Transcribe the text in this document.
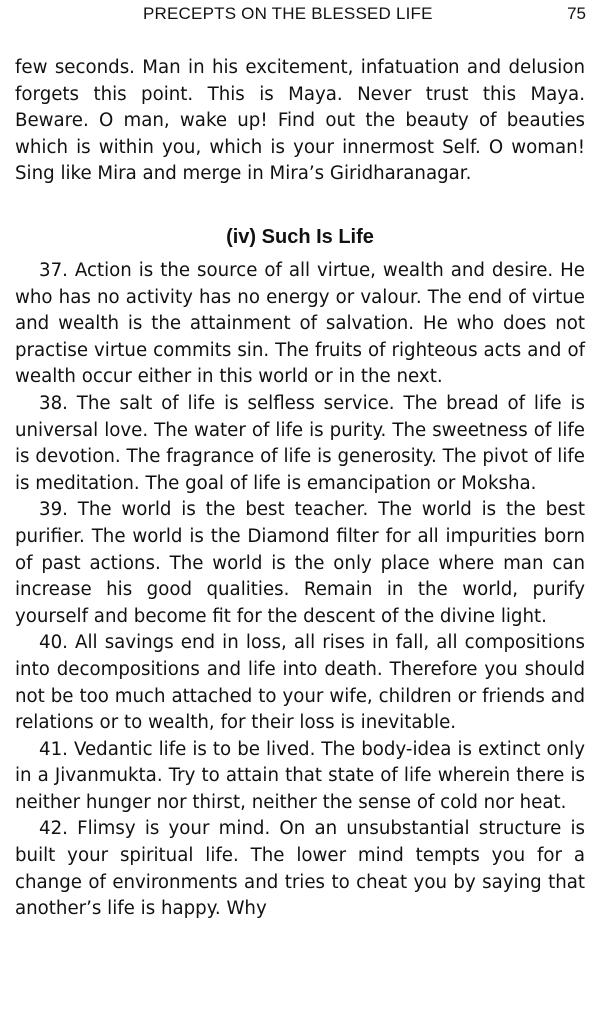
PRECEPTS ON THE BLESSED LIFE	75

few seconds. Man in his excitement, infatuation and delusion forgets this point. This is Maya. Never trust this Maya. Beware. O man, wake up! Find out the beauty of beauties which is within you, which is your innermost Self. O woman! Sing like Mira and merge in Mira’s Giridharanagar.

(iv) Such Is Life

37. Action is the source of all virtue, wealth and desire. He who has no activity has no energy or valour. The end of virtue and wealth is the attainment of salvation. He who does not practise virtue commits sin. The fruits of righteous acts and of wealth occur either in this world or in the next.

38. The salt of life is selfless service. The bread of life is universal love. The water of life is purity. The sweetness of life is devotion. The fragrance of life is generosity. The pivot of life is meditation. The goal of life is emancipation or Moksha.

39. The world is the best teacher. The world is the best purifier. The world is the Diamond filter for all impurities born of past actions. The world is the only place where man can increase his good qualities. Remain in the world, purify yourself and become fit for the descent of the divine light.

40. All savings end in loss, all rises in fall, all compositions into decompositions and life into death. Therefore you should not be too much attached to your wife, children or friends and relations or to wealth, for their loss is inevitable.

41. Vedantic life is to be lived. The body-idea is extinct only in a Jivanmukta. Try to attain that state of life wherein there is neither hunger nor thirst, neither the sense of cold nor heat.

42. Flimsy is your mind. On an unsubstantial structure is built your spiritual life. The lower mind tempts you for a change of environments and tries to cheat you by saying that another’s life is happy. Why
